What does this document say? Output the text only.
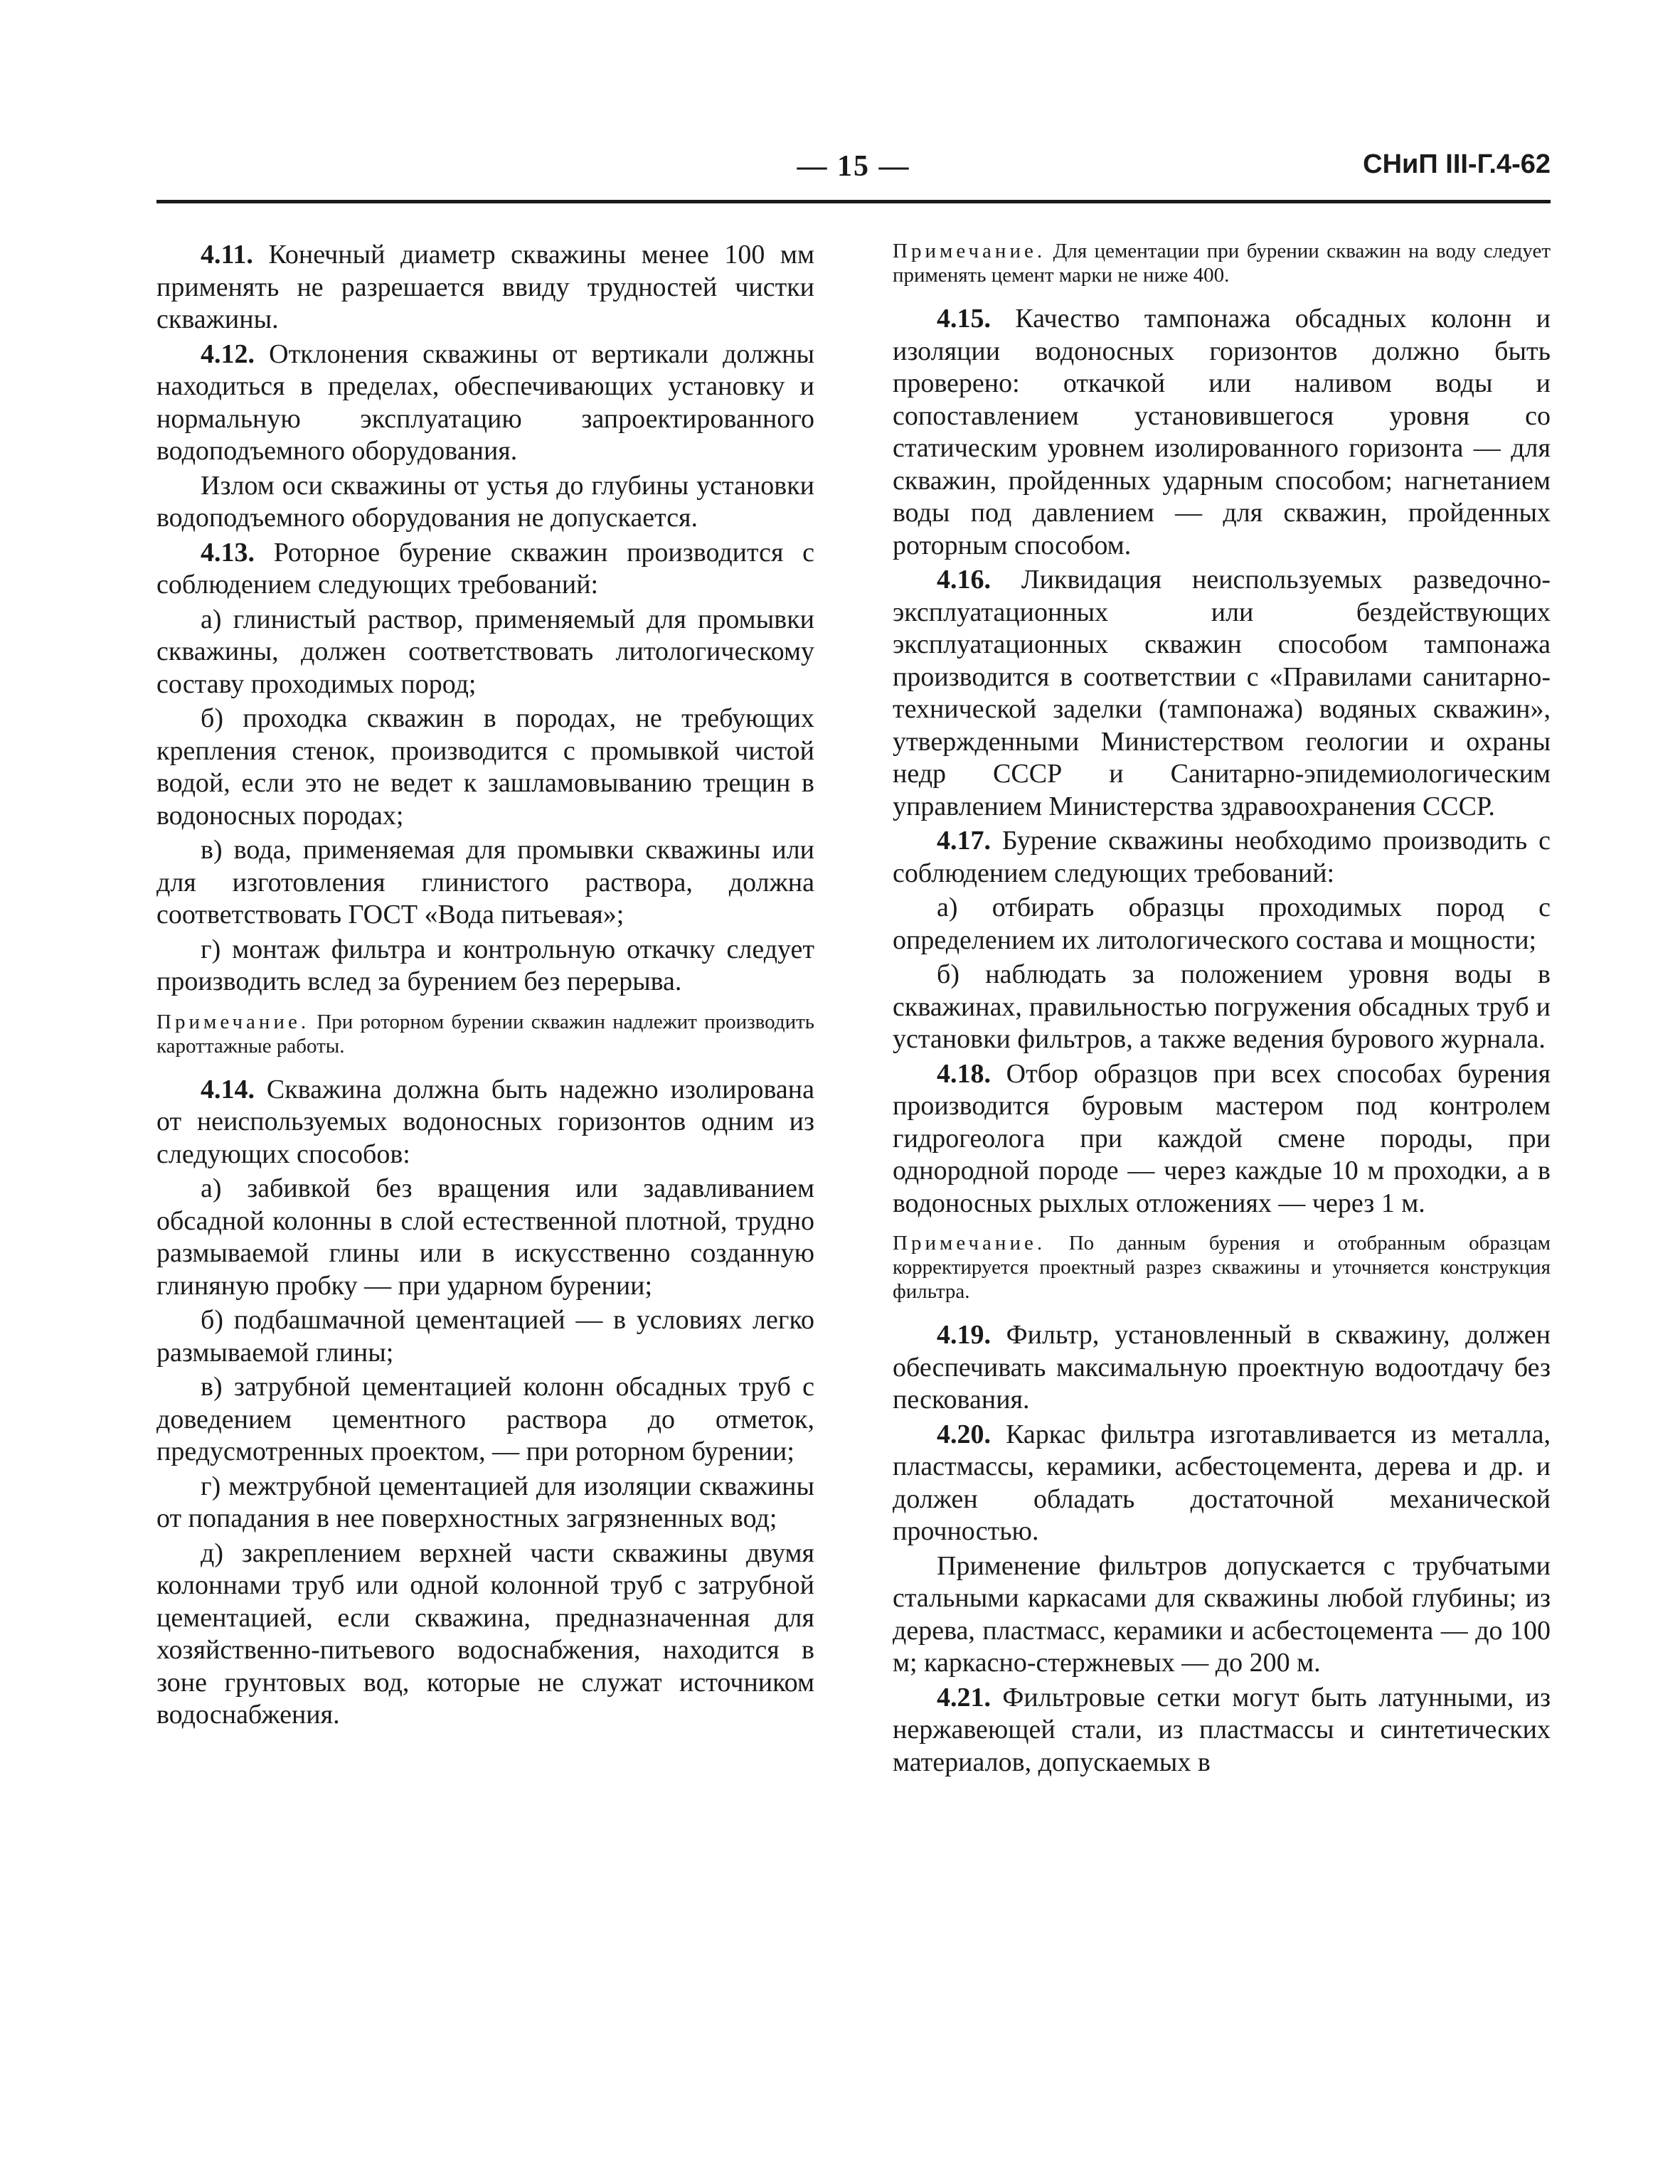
— 15 —	СНиП III-Г.4-62

4.11. Конечный диаметр скважины менее 100 мм применять не разрешается ввиду трудностей чистки скважины.

4.12. Отклонения скважины от вертикали должны находиться в пределах, обеспечивающих установку и нормальную эксплуатацию запроектированного водоподъемного оборудования.

Излом оси скважины от устья до глубины установки водоподъемного оборудования не допускается.

4.13. Роторное бурение скважин производится с соблюдением следующих требований:

а) глинистый раствор, применяемый для промывки скважины, должен соответствовать литологическому составу проходимых пород;

б) проходка скважин в породах, не требующих крепления стенок, производится с промывкой чистой водой, если это не ведет к зашламовыванию трещин в водоносных породах;

в) вода, применяемая для промывки скважины или для изготовления глинистого раствора, должна соответствовать ГОСТ «Вода питьевая»;

г) монтаж фильтра и контрольную откачку следует производить вслед за бурением без перерыва.

Примечание. При роторном бурении скважин надлежит производить кароттажные работы.

4.14. Скважина должна быть надежно изолирована от неиспользуемых водоносных горизонтов одним из следующих способов:

а) забивкой без вращения или задавливанием обсадной колонны в слой естественной плотной, трудно размываемой глины или в искусственно созданную глиняную пробку — при ударном бурении;

б) подбашмачной цементацией — в условиях легко размываемой глины;

в) затрубной цементацией колонн обсадных труб с доведением цементного раствора до отметок, предусмотренных проектом, — при роторном бурении;

г) межтрубной цементацией для изоляции скважины от попадания в нее поверхностных загрязненных вод;

д) закреплением верхней части скважины двумя колоннами труб или одной колонной труб с затрубной цементацией, если скважина, предназначенная для хозяйственно-питьевого водоснабжения, находится в зоне грунтовых вод, которые не служат источником водоснабжения.

Примечание. Для цементации при бурении скважин на воду следует применять цемент марки не ниже 400.

4.15. Качество тампонажа обсадных колонн и изоляции водоносных горизонтов должно быть проверено: откачкой или наливом воды и сопоставлением установившегося уровня со статическим уровнем изолированного горизонта — для скважин, пройденных ударным способом; нагнетанием воды под давлением — для скважин, пройденных роторным способом.

4.16. Ликвидация неиспользуемых разведочно-эксплуатационных или бездействующих эксплуатационных скважин способом тампонажа производится в соответствии с «Правилами санитарно-технической заделки (тампонажа) водяных скважин», утвержденными Министерством геологии и охраны недр СССР и Санитарно-эпидемиологическим управлением Министерства здравоохранения СССР.

4.17. Бурение скважины необходимо производить с соблюдением следующих требований:

а) отбирать образцы проходимых пород с определением их литологического состава и мощности;

б) наблюдать за положением уровня воды в скважинах, правильностью погружения обсадных труб и установки фильтров, а также ведения бурового журнала.

4.18. Отбор образцов при всех способах бурения производится буровым мастером под контролем гидрогеолога при каждой смене породы, при однородной породе — через каждые 10 м проходки, а в водоносных рыхлых отложениях — через 1 м.

Примечание. По данным бурения и отобранным образцам корректируется проектный разрез скважины и уточняется конструкция фильтра.

4.19. Фильтр, установленный в скважину, должен обеспечивать максимальную проектную водоотдачу без пескования.

4.20. Каркас фильтра изготавливается из металла, пластмассы, керамики, асбестоцемента, дерева и др. и должен обладать достаточной механической прочностью.

Применение фильтров допускается с трубчатыми стальными каркасами для скважины любой глубины; из дерева, пластмасс, керамики и асбестоцемента — до 100 м; каркасно-стержневых — до 200 м.

4.21. Фильтровые сетки могут быть латунными, из нержавеющей стали, из пластмассы и синтетических материалов, допускаемых в
